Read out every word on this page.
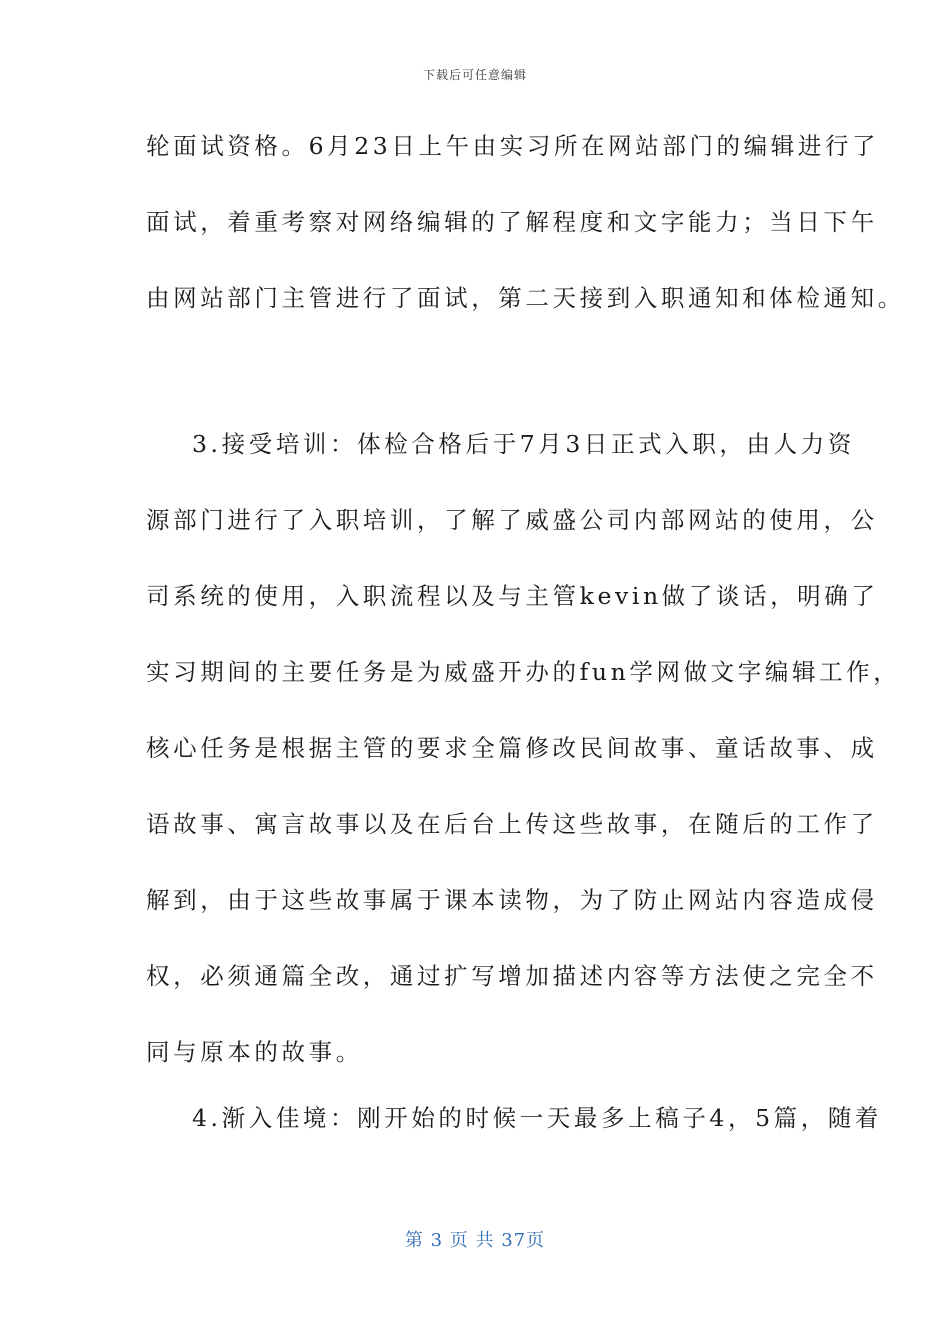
下载后可任意编辑
轮面试资格。6月23日上午由实习所在网站部门的编辑进行了
面试，着重考察对网络编辑的了解程度和文字能力；当日下午
由网站部门主管进行了面试，第二天接到入职通知和体检通知。
3.接受培训：体检合格后于7月3日正式入职，由人力资
源部门进行了入职培训，了解了威盛公司内部网站的使用，公
司系统的使用，入职流程以及与主管kevin做了谈话，明确了
实习期间的主要任务是为威盛开办的fun学网做文字编辑工作，
核心任务是根据主管的要求全篇修改民间故事、童话故事、成
语故事、寓言故事以及在后台上传这些故事，在随后的工作了
解到，由于这些故事属于课本读物，为了防止网站内容造成侵
权，必须通篇全改，通过扩写增加描述内容等方法使之完全不
同与原本的故事。
4.渐入佳境：刚开始的时候一天最多上稿子4，5篇，随着
第 3 页 共 37页
